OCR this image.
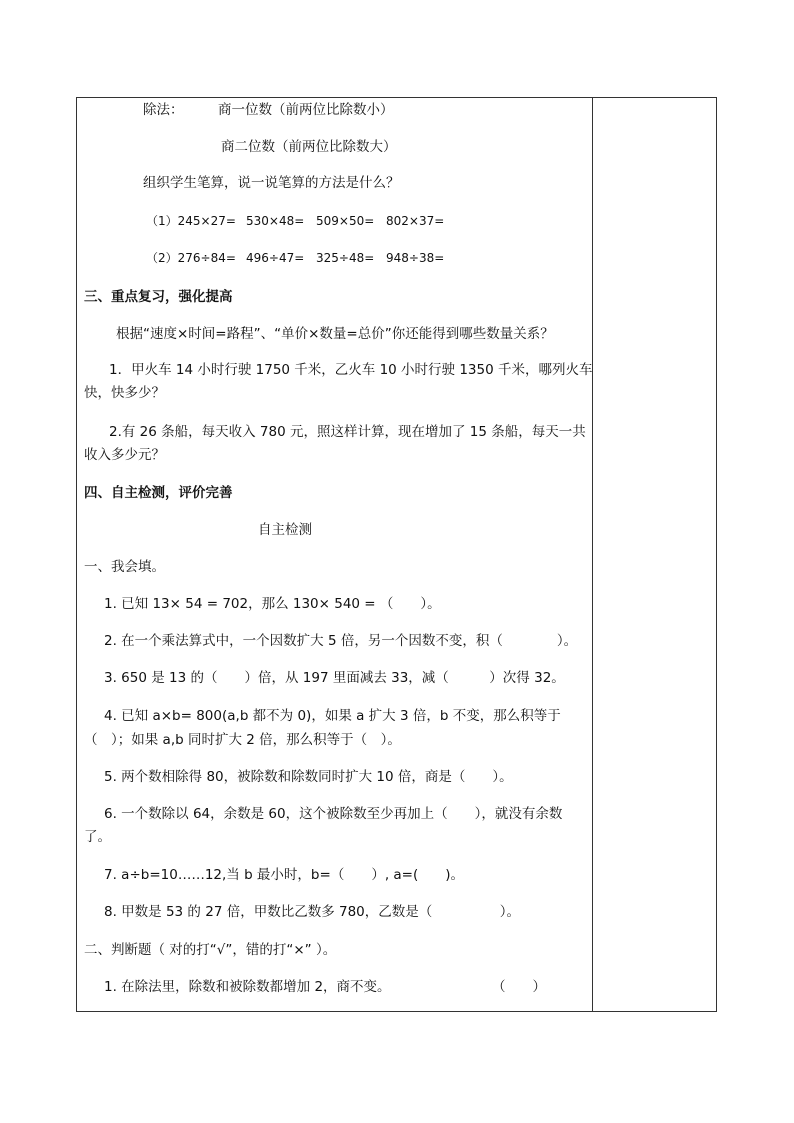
除法：	商一位数（前两位比除数小）
商二位数（前两位比除数大）
组织学生笔算，说一说笔算的方法是什么？
（1）245×27= 530×48= 509×50= 802×37=
（2）276÷84= 496÷47= 325÷48= 948÷38=
三、重点复习，强化提高
根据“速度×时间=路程”、“单价×数量=总价”你还能得到哪些数量关系？
1．甲火车 14 小时行驶 1750 千米，乙火车 10 小时行驶 1350 千米，哪列火车
快，快多少？
2.有 26 条船，每天收入 780 元，照这样计算，现在增加了 15 条船，每天一共
收入多少元？
四、自主检测，评价完善
自主检测
一、我会填。
1. 已知 13× 54 = 702，那么 130× 540 = （　　）。
2. 在一个乘法算式中，一个因数扩大 5 倍，另一个因数不变，积（　　　　）。
3. 650 是 13 的（　　）倍，从 197 里面减去 33，减（　　　）次得 32。
4. 已知 a×b= 800(a,b 都不为 0)，如果 a 扩大 3 倍，b 不变，那么积等于
（　）；如果 a,b 同时扩大 2 倍，那么积等于（　）。
5. 两个数相除得 80，被除数和除数同时扩大 10 倍，商是（　　）。
6. 一个数除以 64，余数是 60，这个被除数至少再加上（　　），就没有余数
了。
7. a÷b=10……12,当 b 最小时，b=（　　）, a=(　　)。
8. 甲数是 53 的 27 倍，甲数比乙数多 780，乙数是（　　　　　）。
二、判断题（ 对的打“√”，错的打“×” ）。
1. 在除法里，除数和被除数都增加 2，商不变。	（　　）
